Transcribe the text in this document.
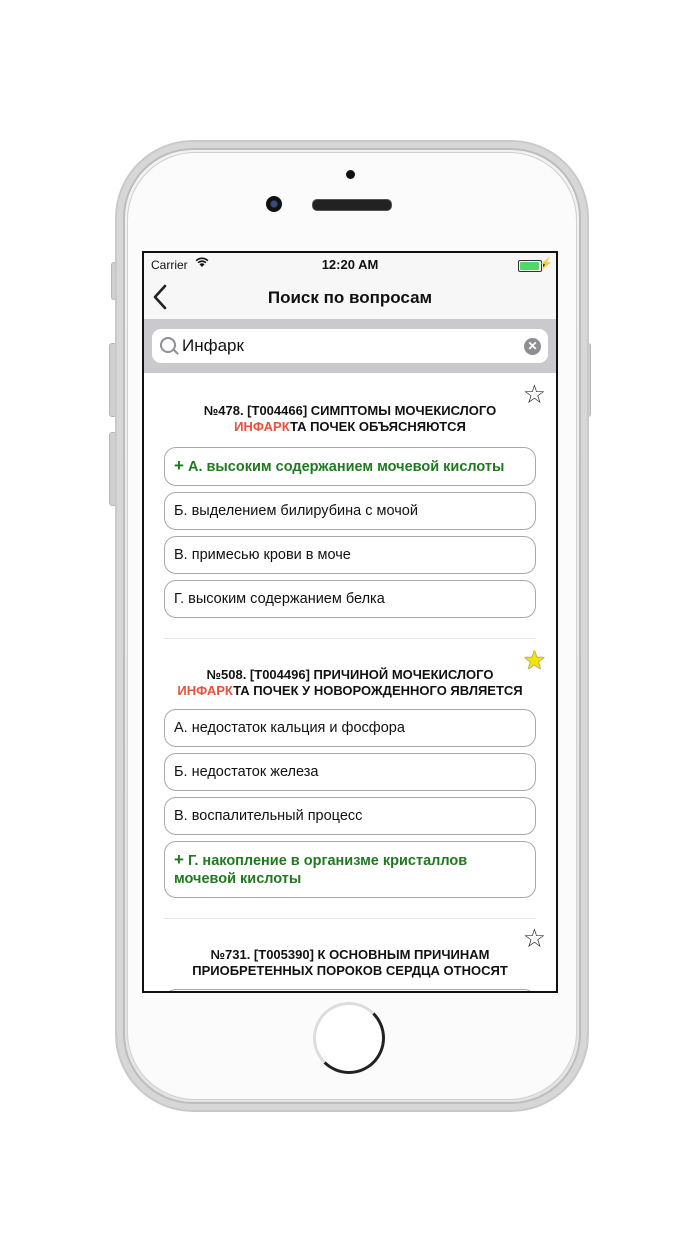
Carrier	12:20 AM	⚡
Поиск по вопросам
Инфарк	✕
☆
№478. [T004466] СИМПТОМЫ МОЧЕКИСЛОГО ИНФАРКТА ПОЧЕК ОБЪЯСНЯЮТСЯ
+ А. высоким содержанием мочевой кислоты
Б. выделением билирубина с мочой
В. примесью крови в моче
Г. высоким содержанием белка
★
№508. [T004496] ПРИЧИНОЙ МОЧЕКИСЛОГО ИНФАРКТА ПОЧЕК У НОВОРОЖДЕННОГО ЯВЛЯЕТСЯ
А. недостаток кальция и фосфора
Б. недостаток железа
В. воспалительный процесс
+ Г. накопление в организме кристаллов мочевой кислоты
☆
№731. [T005390] К ОСНОВНЫМ ПРИЧИНАМ ПРИОБРЕТЕННЫХ ПОРОКОВ СЕРДЦА ОТНОСЯТ
